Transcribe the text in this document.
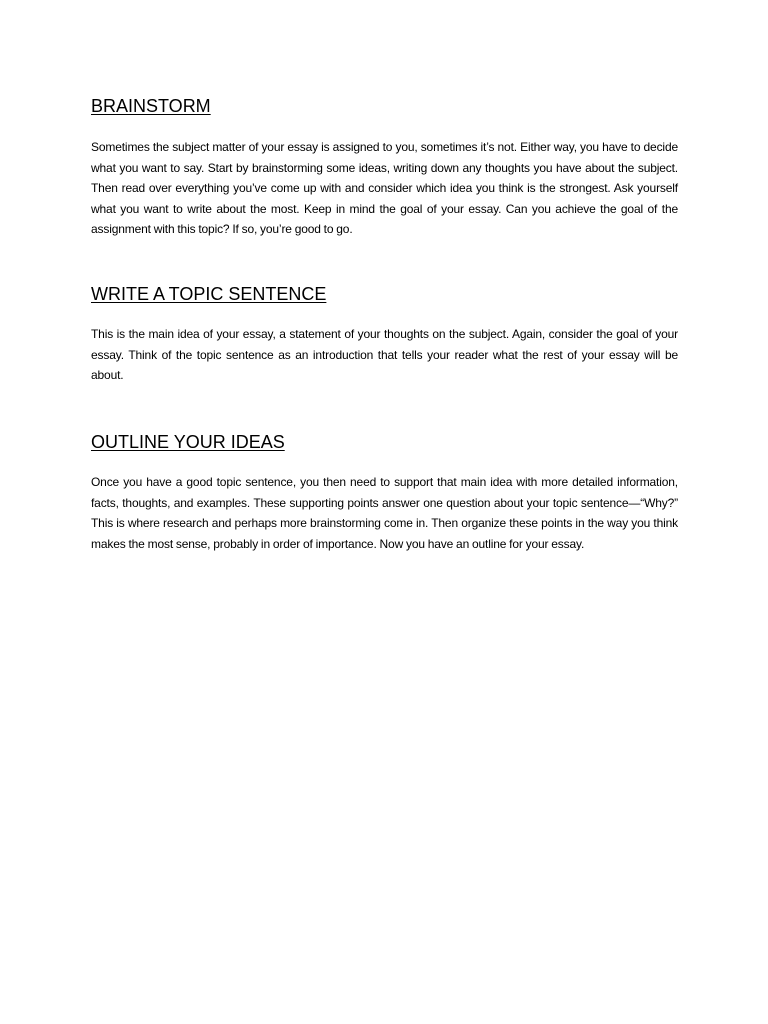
BRAINSTORM

Sometimes the subject matter of your essay is assigned to you, sometimes it’s not. Either way, you have to decide what you want to say. Start by brainstorming some ideas, writing down any thoughts you have about the subject. Then read over everything you’ve come up with and consider which idea you think is the strongest. Ask yourself what you want to write about the most. Keep in mind the goal of your essay. Can you achieve the goal of the assignment with this topic? If so, you’re good to go.

WRITE A TOPIC SENTENCE

This is the main idea of your essay, a statement of your thoughts on the subject. Again, consider the goal of your essay. Think of the topic sentence as an introduction that tells your reader what the rest of your essay will be about.

OUTLINE YOUR IDEAS

Once you have a good topic sentence, you then need to support that main idea with more detailed information, facts, thoughts, and examples. These supporting points answer one question about your topic sentence—“Why?” This is where research and perhaps more brainstorming come in. Then organize these points in the way you think makes the most sense, probably in order of importance. Now you have an outline for your essay.
